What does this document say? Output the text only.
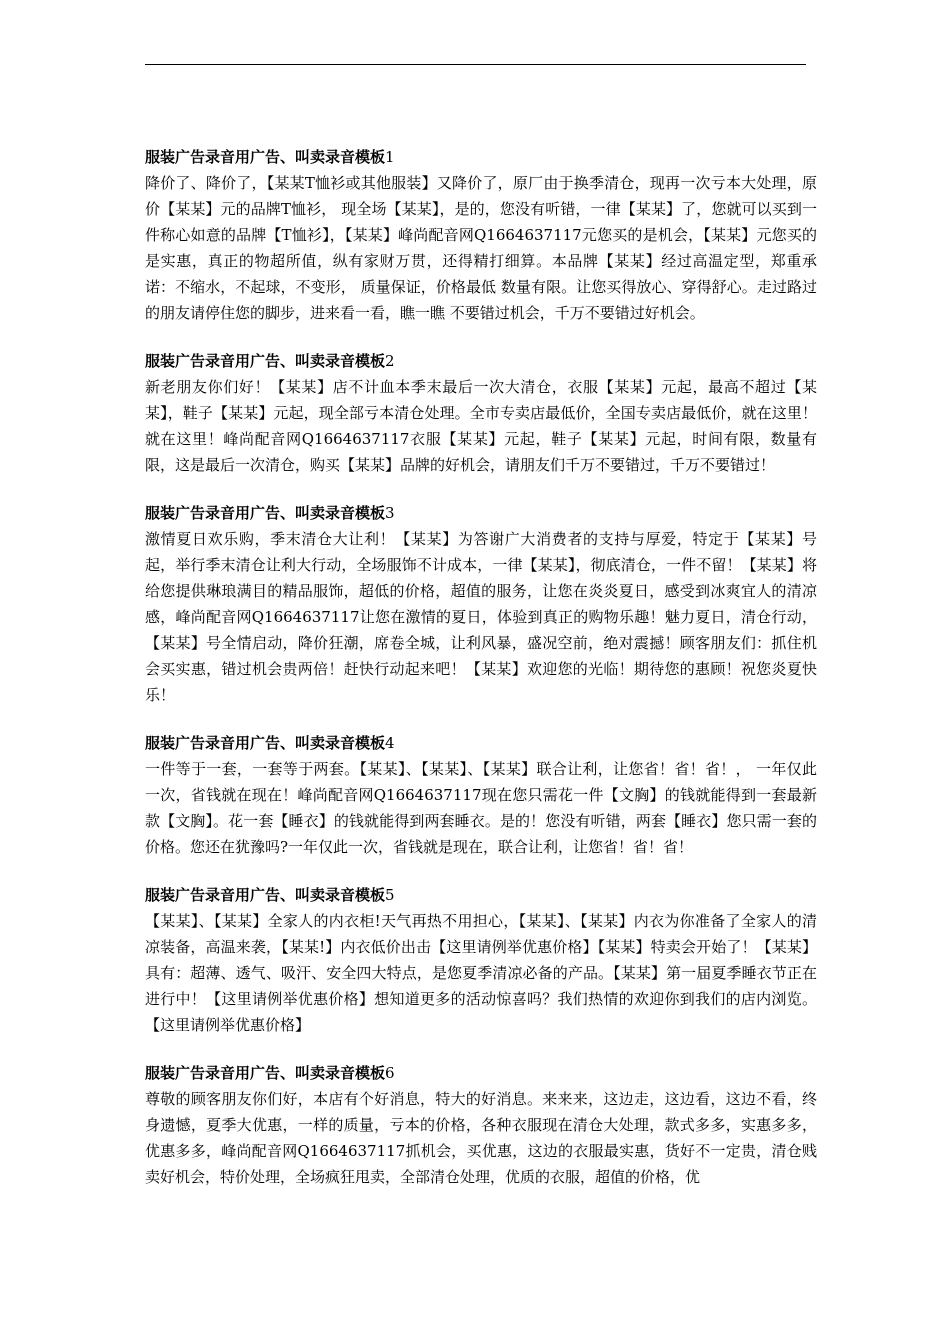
服装广告录音用广告、叫卖录音模板1

降价了、降价了，【某某T恤衫或其他服装】又降价了，原厂由于换季清仓，现再一次亏本大处理，原价【某某】元的品牌T恤衫， 现全场【某某】，是的，您没有听错，一律【某某】了，您就可以买到一件称心如意的品牌【T恤衫】，【某某】峰尚配音网Q1664637117元您买的是机会，【某某】元您买的是实惠，真正的物超所值，纵有家财万贯，还得精打细算。本品牌【某某】经过高温定型，郑重承诺：不缩水，不起球，不变形， 质量保证，价格最低 数量有限。让您买得放心、穿得舒心。走过路过的朋友请停住您的脚步，进来看一看，瞧一瞧 不要错过机会，千万不要错过好机会。

服装广告录音用广告、叫卖录音模板2

新老朋友你们好！【某某】店不计血本季末最后一次大清仓，衣服【某某】元起，最高不超过【某某】，鞋子【某某】元起，现全部亏本清仓处理。全市专卖店最低价，全国专卖店最低价，就在这里！就在这里！峰尚配音网Q1664637117衣服【某某】元起，鞋子【某某】元起，时间有限，数量有限，这是最后一次清仓，购买【某某】品牌的好机会，请朋友们千万不要错过，千万不要错过！

服装广告录音用广告、叫卖录音模板3

激情夏日欢乐购，季末清仓大让利！【某某】为答谢广大消费者的支持与厚爱，特定于【某某】号起，举行季末清仓让利大行动，全场服饰不计成本，一律【某某】，彻底清仓，一件不留！【某某】将给您提供琳琅满目的精品服饰，超低的价格，超值的服务，让您在炎炎夏日，感受到冰爽宜人的清凉感，峰尚配音网Q1664637117让您在激情的夏日，体验到真正的购物乐趣！魅力夏日，清仓行动，【某某】号全情启动，降价狂潮，席卷全城，让利风暴，盛况空前，绝对震撼！顾客朋友们：抓住机会买实惠，错过机会贵两倍！赶快行动起来吧！【某某】欢迎您的光临！期待您的惠顾！祝您炎夏快乐！

服装广告录音用广告、叫卖录音模板4

一件等于一套，一套等于两套。【某某】、【某某】、【某某】联合让利，让您省！省！省！， 一年仅此一次，省钱就在现在！峰尚配音网Q1664637117现在您只需花一件【文胸】的钱就能得到一套最新款【文胸】。花一套【睡衣】的钱就能得到两套睡衣。是的！您没有听错，两套【睡衣】您只需一套的价格。您还在犹豫吗?一年仅此一次，省钱就是现在，联合让利，让您省！省！省！

服装广告录音用广告、叫卖录音模板5

【某某】、【某某】全家人的内衣柜!天气再热不用担心，【某某】、【某某】内衣为你准备了全家人的清凉装备，高温来袭，【某某!】内衣低价出击【这里请例举优惠价格】【某某】特卖会开始了！【某某】具有：超薄、透气、吸汗、安全四大特点，是您夏季清凉必备的产品。【某某】第一届夏季睡衣节正在进行中！【这里请例举优惠价格】想知道更多的活动惊喜吗？我们热情的欢迎你到我们的店内浏览。【这里请例举优惠价格】

服装广告录音用广告、叫卖录音模板6

尊敬的顾客朋友你们好，本店有个好消息，特大的好消息。来来来，这边走，这边看，这边不看，终身遗憾，夏季大优惠，一样的质量，亏本的价格，各种衣服现在清仓大处理，款式多多，实惠多多，优惠多多，峰尚配音网Q1664637117抓机会，买优惠，这边的衣服最实惠，货好不一定贵，清仓贱卖好机会，特价处理，全场疯狂甩卖，全部清仓处理，优质的衣服，超值的价格，优
